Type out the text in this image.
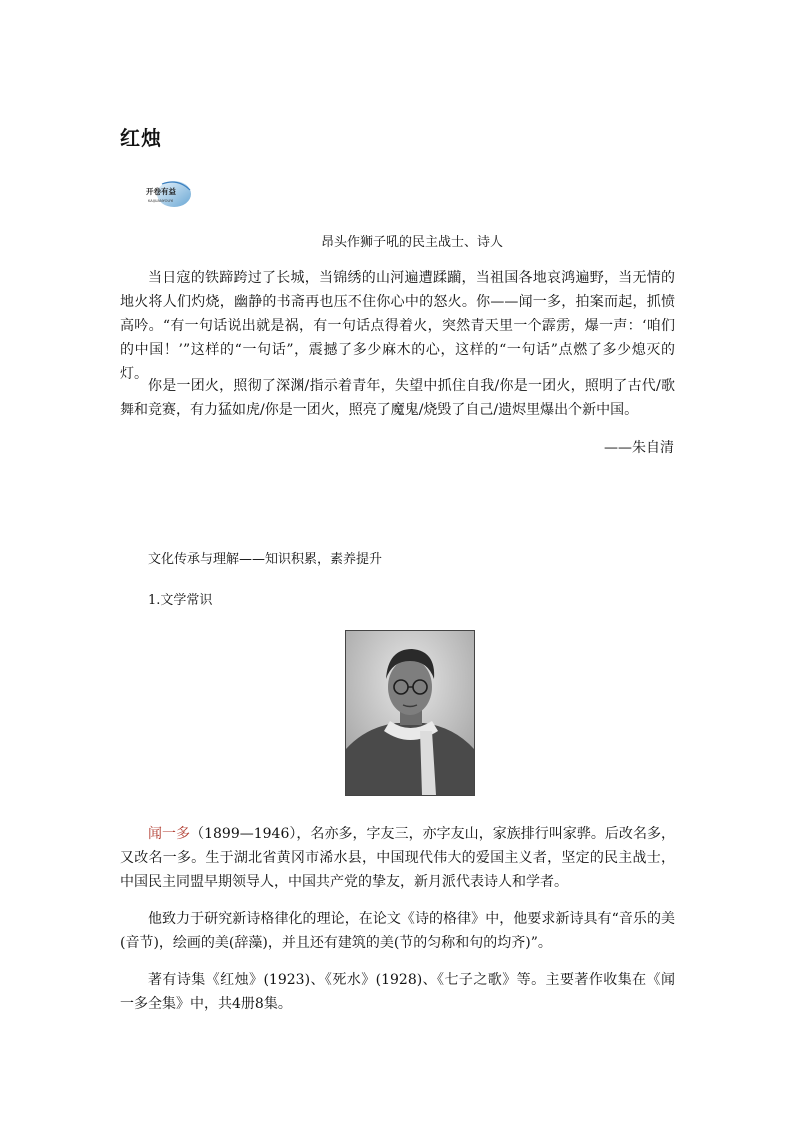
红烛
开卷有益
KAIJUANYOUYI
昂头作狮子吼的民主战士、诗人

当日寇的铁蹄跨过了长城，当锦绣的山河遍遭蹂躏，当祖国各地哀鸿遍野，当无情的地火将人们灼烧，幽静的书斋再也压不住你心中的怒火。你——闻一多，拍案而起，抓愤高吟。“有一句话说出就是祸，有一句话点得着火，突然青天里一个霹雳，爆一声：‘咱们的中国！’”这样的“一句话”，震撼了多少麻木的心，这样的“一句话”点燃了多少熄灭的灯。

你是一团火，照彻了深渊/指示着青年，失望中抓住自我/你是一团火，照明了古代/歌舞和竞赛，有力猛如虎/你是一团火，照亮了魔鬼/烧毁了自己/遗烬里爆出个新中国。

——朱自清
文化传承与理解——知识积累，素养提升
1.文学常识

闻一多（1899—1946），名亦多，字友三，亦字友山，家族排行叫家骅。后改名多，又改名一多。生于湖北省黄冈市浠水县，中国现代伟大的爱国主义者，坚定的民主战士，中国民主同盟早期领导人，中国共产党的挚友，新月派代表诗人和学者。

他致力于研究新诗格律化的理论，在论文《诗的格律》中，他要求新诗具有“音乐的美(音节)，绘画的美(辞藻)，并且还有建筑的美(节的匀称和句的均齐)”。

著有诗集《红烛》(1923)、《死水》(1928)、《七子之歌》等。主要著作收集在《闻一多全集》中，共4册8集。
